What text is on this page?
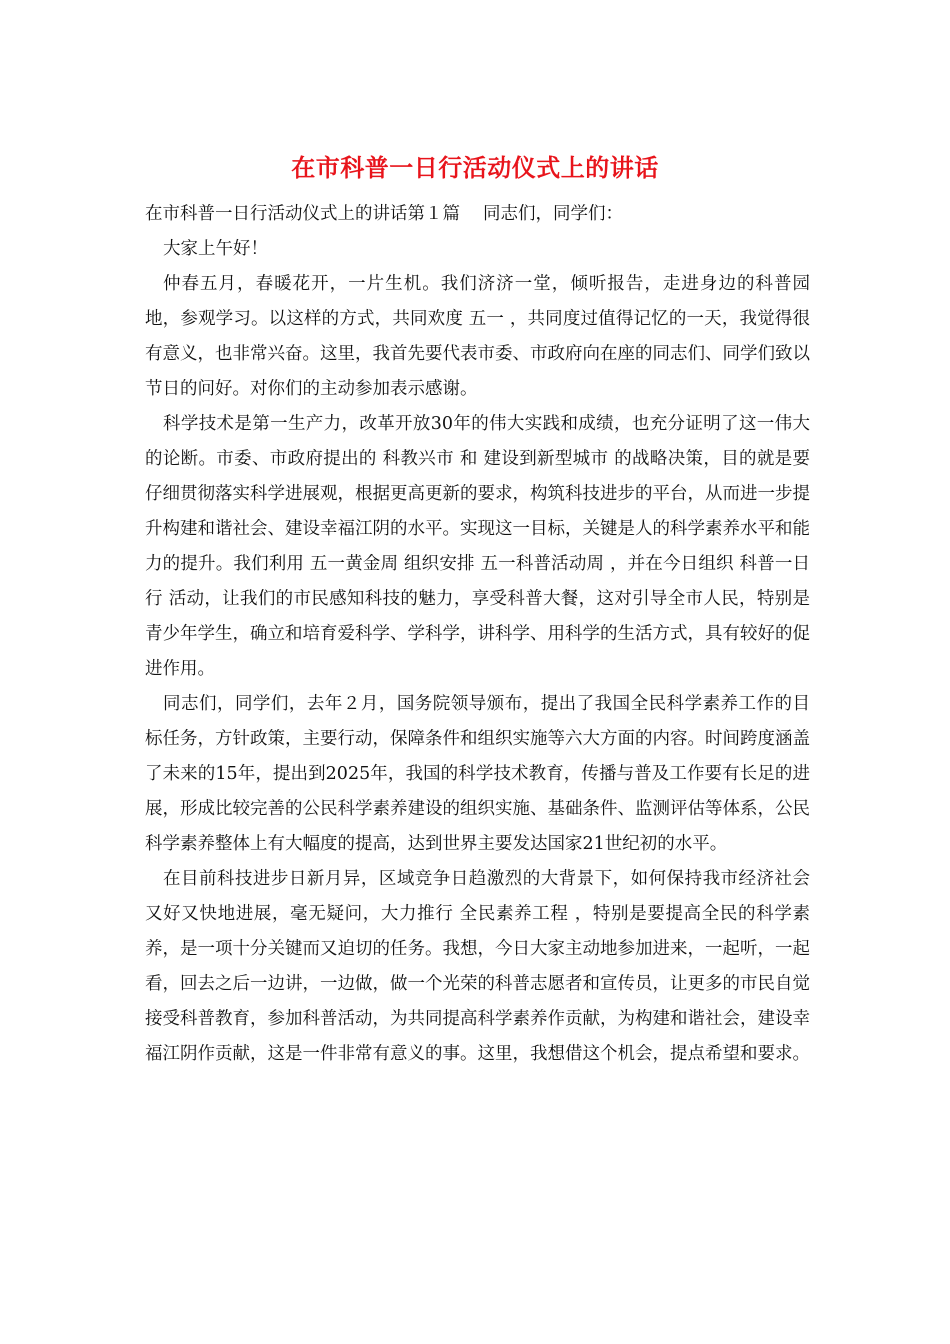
在市科普一日行活动仪式上的讲话

在市科普一日行活动仪式上的讲话第１篇　 同志们，同学们：

大家上午好！

仲春五月，春暖花开，一片生机。我们济济一堂，倾听报告，走进身边的科普园地，参观学习。以这样的方式，共同欢度 五一 ，共同度过值得记忆的一天，我觉得很有意义，也非常兴奋。这里，我首先要代表市委、市政府向在座的同志们、同学们致以节日的问好。对你们的主动参加表示感谢。

科学技术是第一生产力，改革开放30年的伟大实践和成绩，也充分证明了这一伟大的论断。市委、市政府提出的 科教兴市 和 建设到新型城市 的战略决策，目的就是要仔细贯彻落实科学进展观，根据更高更新的要求，构筑科技进步的平台，从而进一步提升构建和谐社会、建设幸福江阴的水平。实现这一目标，关键是人的科学素养水平和能力的提升。我们利用 五一黄金周 组织安排 五一科普活动周 ，并在今日组织 科普一日行 活动，让我们的市民感知科技的魅力，享受科普大餐，这对引导全市人民，特别是青少年学生，确立和培育爱科学、学科学，讲科学、用科学的生活方式，具有较好的促进作用。

同志们，同学们，去年２月，国务院领导颁布，提出了我国全民科学素养工作的目标任务，方针政策，主要行动，保障条件和组织实施等六大方面的内容。时间跨度涵盖了未来的15年，提出到2025年，我国的科学技术教育，传播与普及工作要有长足的进展，形成比较完善的公民科学素养建设的组织实施、基础条件、监测评估等体系，公民科学素养整体上有大幅度的提高，达到世界主要发达国家21世纪初的水平。

在目前科技进步日新月异，区域竞争日趋激烈的大背景下，如何保持我市经济社会又好又快地进展，毫无疑问，大力推行 全民素养工程 ，特别是要提高全民的科学素养，是一项十分关键而又迫切的任务。我想，今日大家主动地参加进来，一起听，一起看，回去之后一边讲，一边做，做一个光荣的科普志愿者和宣传员，让更多的市民自觉接受科普教育，参加科普活动，为共同提高科学素养作贡献，为构建和谐社会，建设幸福江阴作贡献，这是一件非常有意义的事。这里，我想借这个机会，提点希望和要求。
